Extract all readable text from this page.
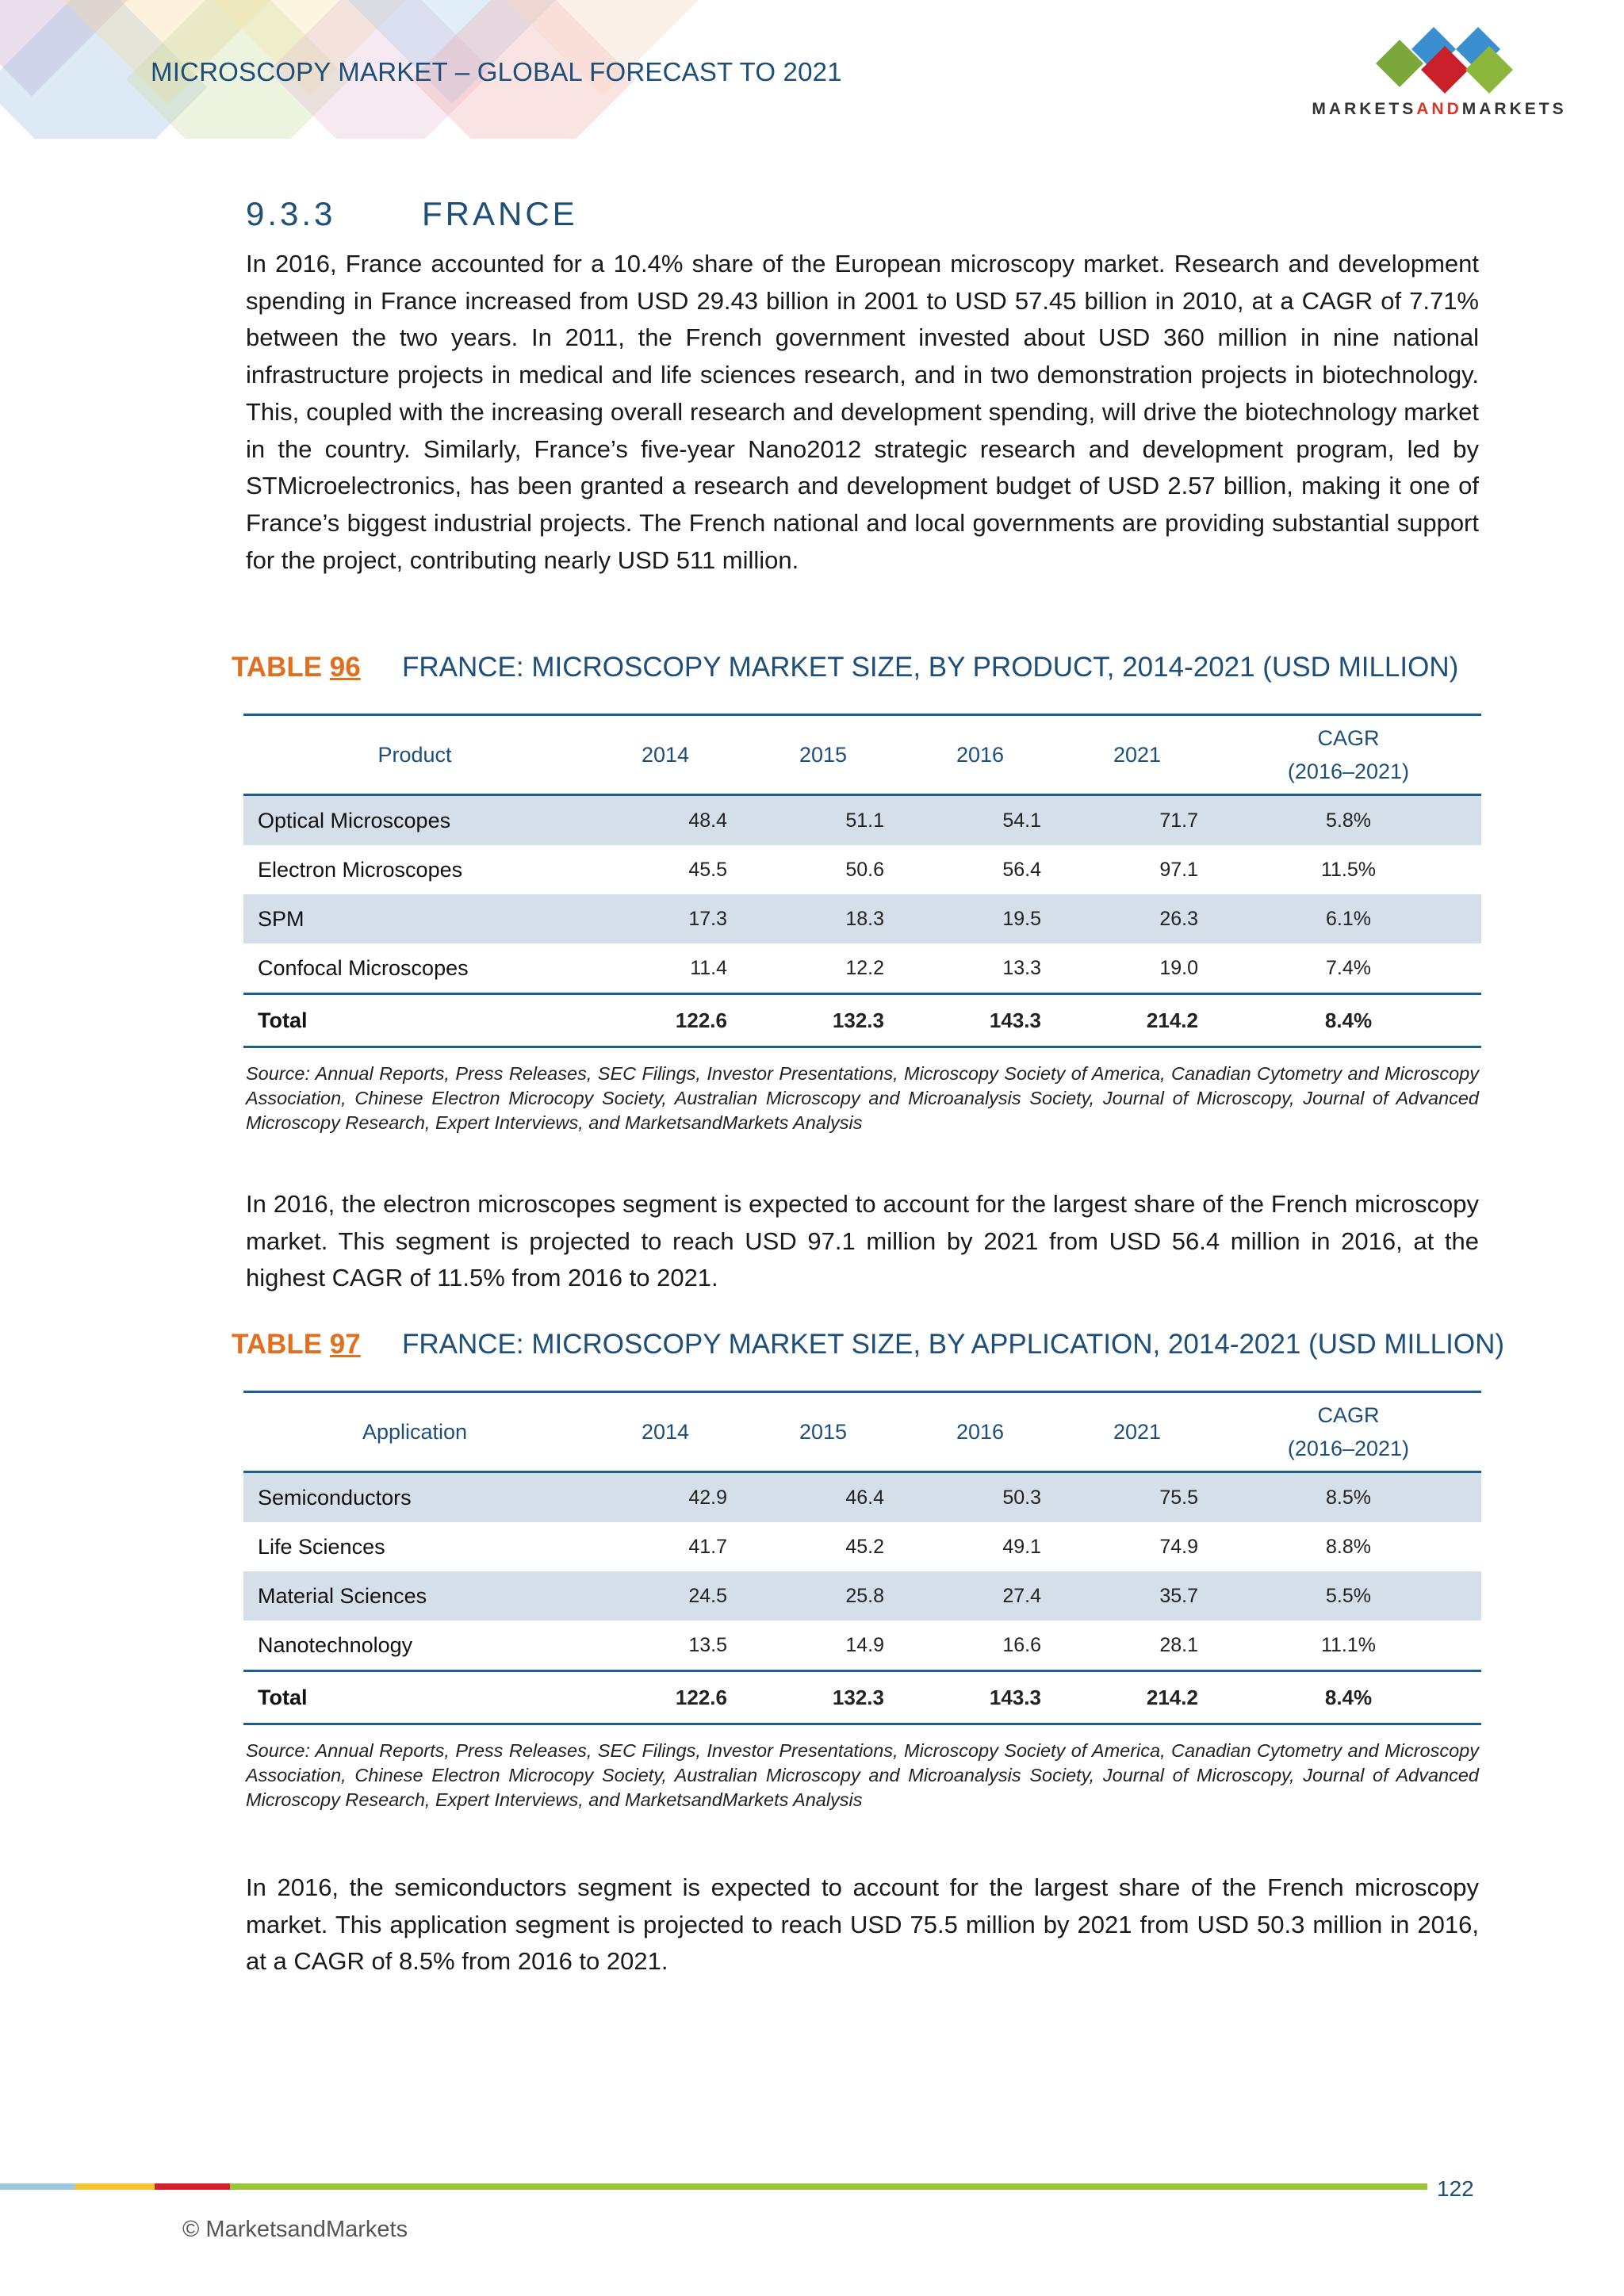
MICROSCOPY MARKET – GLOBAL FORECAST TO 2021
MARKETSANDMARKETS
9.3.3	FRANCE
In 2016, France accounted for a 10.4% share of the European microscopy market. Research and development spending in France increased from USD 29.43 billion in 2001 to USD 57.45 billion in 2010, at a CAGR of 7.71% between the two years. In 2011, the French government invested about USD 360 million in nine national infrastructure projects in medical and life sciences research, and in two demonstration projects in biotechnology. This, coupled with the increasing overall research and development spending, will drive the biotechnology market in the country. Similarly, France’s five-year Nano2012 strategic research and development program, led by STMicroelectronics, has been granted a research and development budget of USD 2.57 billion, making it one of France’s biggest industrial projects. The French national and local governments are providing substantial support for the project, contributing nearly USD 511 million.
TABLE 96 FRANCE: MICROSCOPY MARKET SIZE, BY PRODUCT, 2014-2021 (USD MILLION)
Product	2014	2015	2016	2021	CAGR
(2016–2021)
Optical Microscopes	48.4	51.1	54.1	71.7	5.8%
Electron Microscopes	45.5	50.6	56.4	97.1	11.5%
SPM	17.3	18.3	19.5	26.3	6.1%
Confocal Microscopes	11.4	12.2	13.3	19.0	7.4%
Total	122.6	132.3	143.3	214.2	8.4%
Source: Annual Reports, Press Releases, SEC Filings, Investor Presentations, Microscopy Society of America, Canadian Cytometry and Microscopy Association, Chinese Electron Microcopy Society, Australian Microscopy and Microanalysis Society, Journal of Microscopy, Journal of Advanced Microscopy Research, Expert Interviews, and MarketsandMarkets Analysis
In 2016, the electron microscopes segment is expected to account for the largest share of the French microscopy market. This segment is projected to reach USD 97.1 million by 2021 from USD 56.4 million in 2016, at the highest CAGR of 11.5% from 2016 to 2021.
TABLE 97 FRANCE: MICROSCOPY MARKET SIZE, BY APPLICATION, 2014-2021 (USD MILLION)
Application	2014	2015	2016	2021	CAGR
(2016–2021)
Semiconductors	42.9	46.4	50.3	75.5	8.5%
Life Sciences	41.7	45.2	49.1	74.9	8.8%
Material Sciences	24.5	25.8	27.4	35.7	5.5%
Nanotechnology	13.5	14.9	16.6	28.1	11.1%
Total	122.6	132.3	143.3	214.2	8.4%
Source: Annual Reports, Press Releases, SEC Filings, Investor Presentations, Microscopy Society of America, Canadian Cytometry and Microscopy Association, Chinese Electron Microcopy Society, Australian Microscopy and Microanalysis Society, Journal of Microscopy, Journal of Advanced Microscopy Research, Expert Interviews, and MarketsandMarkets Analysis
In 2016, the semiconductors segment is expected to account for the largest share of the French microscopy market. This application segment is projected to reach USD 75.5 million by 2021 from USD 50.3 million in 2016, at a CAGR of 8.5% from 2016 to 2021.
122
© MarketsandMarkets
